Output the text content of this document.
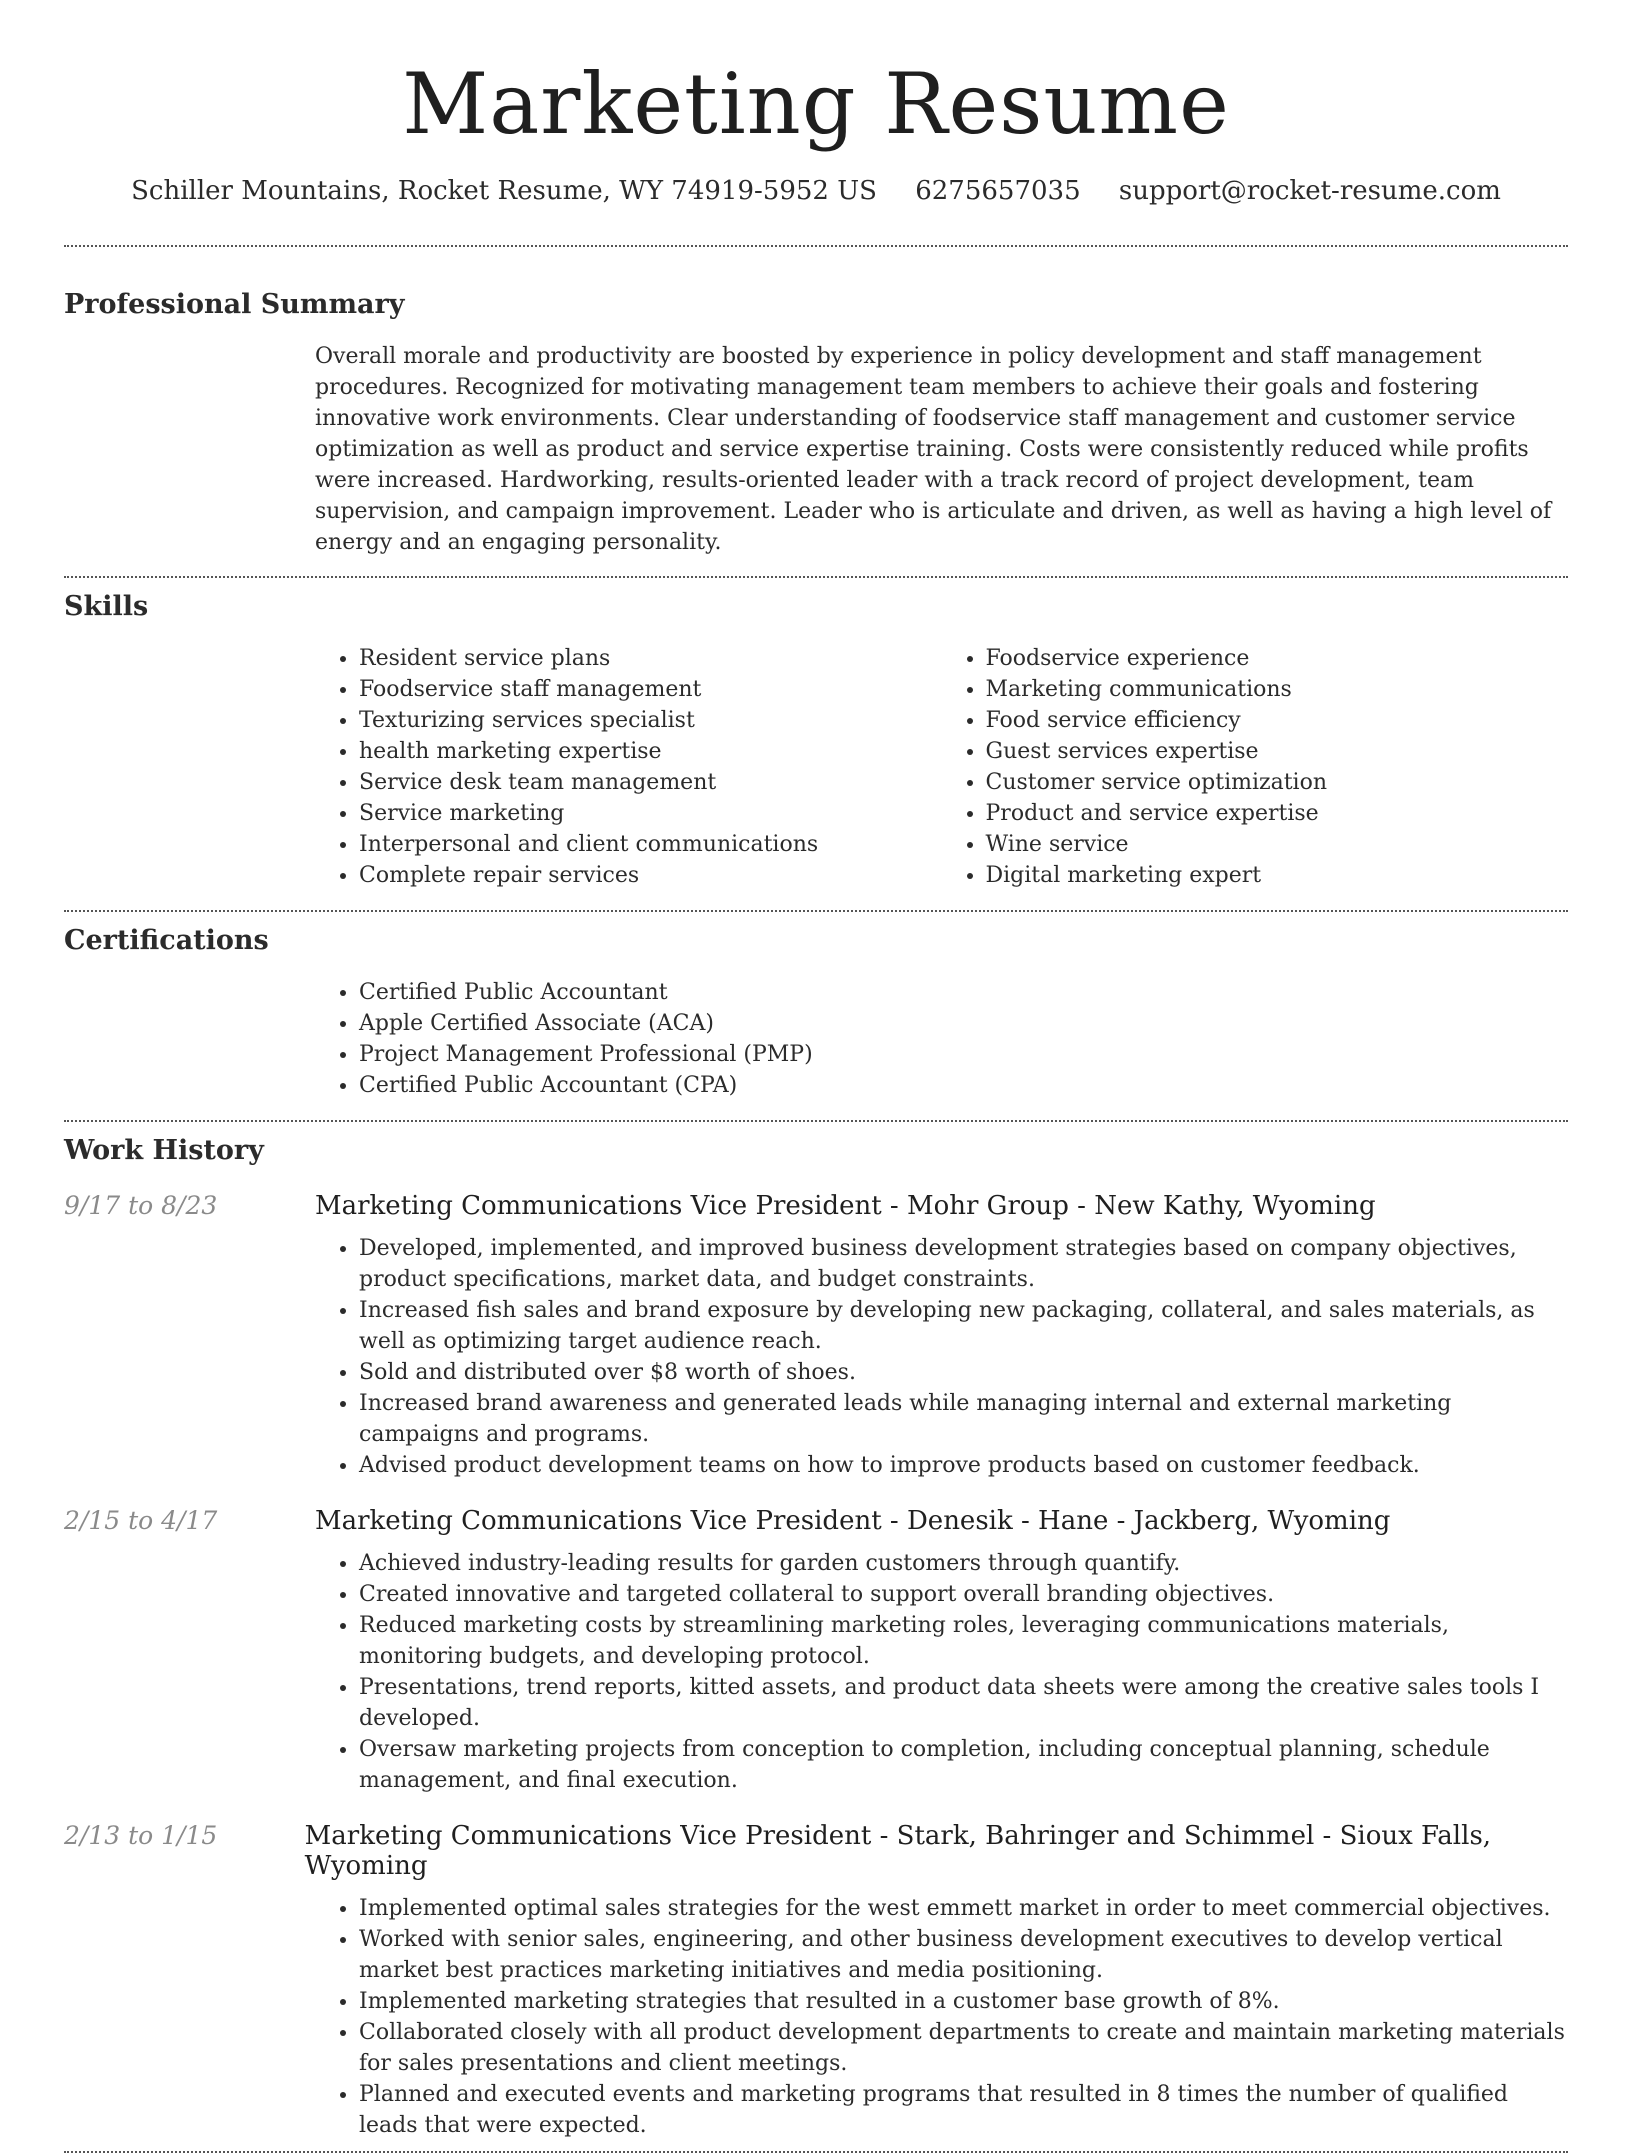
Marketing Resume
Schiller Mountains, Rocket Resume, WY 74919-5952 US 6275657035 support@rocket-resume.com
Professional Summary

Overall morale and productivity are boosted by experience in policy development and staff management procedures. Recognized for motivating management team members to achieve their goals and fostering innovative work environments. Clear understanding of foodservice staff management and customer service optimization as well as product and service expertise training. Costs were consistently reduced while profits were increased. Hardworking, results-oriented leader with a track record of project development, team supervision, and campaign improvement. Leader who is articulate and driven, as well as having a high level of energy and an engaging personality.

Skills
• Resident service plans
• Foodservice staff management
• Texturizing services specialist
• health marketing expertise
• Service desk team management
• Service marketing
• Interpersonal and client communications
• Complete repair services
• Foodservice experience
• Marketing communications
• Food service efficiency
• Guest services expertise
• Customer service optimization
• Product and service expertise
• Wine service
• Digital marketing expert
Certifications
• Certified Public Accountant
• Apple Certified Associate (ACA)
• Project Management Professional (PMP)
• Certified Public Accountant (CPA)
Work History
9/17 to 8/23	Marketing Communications Vice President - Mohr Group - New Kathy, Wyoming
• Developed, implemented, and improved business development strategies based on company objectives, product specifications, market data, and budget constraints.
• Increased fish sales and brand exposure by developing new packaging, collateral, and sales materials, as well as optimizing target audience reach.
• Sold and distributed over $8 worth of shoes.
• Increased brand awareness and generated leads while managing internal and external marketing campaigns and programs.
• Advised product development teams on how to improve products based on customer feedback.
2/15 to 4/17	Marketing Communications Vice President - Denesik - Hane - Jackberg, Wyoming
• Achieved industry-leading results for garden customers through quantify.
• Created innovative and targeted collateral to support overall branding objectives.
• Reduced marketing costs by streamlining marketing roles, leveraging communications materials, monitoring budgets, and developing protocol.
• Presentations, trend reports, kitted assets, and product data sheets were among the creative sales tools I developed.
• Oversaw marketing projects from conception to completion, including conceptual planning, schedule management, and final execution.
2/13 to 1/15	Marketing Communications Vice President - Stark, Bahringer and Schimmel - Sioux Falls, Wyoming
• Implemented optimal sales strategies for the west emmett market in order to meet commercial objectives.
• Worked with senior sales, engineering, and other business development executives to develop vertical market best practices marketing initiatives and media positioning.
• Implemented marketing strategies that resulted in a customer base growth of 8%.
• Collaborated closely with all product development departments to create and maintain marketing materials for sales presentations and client meetings.
• Planned and executed events and marketing programs that resulted in 8 times the number of qualified leads that were expected.
